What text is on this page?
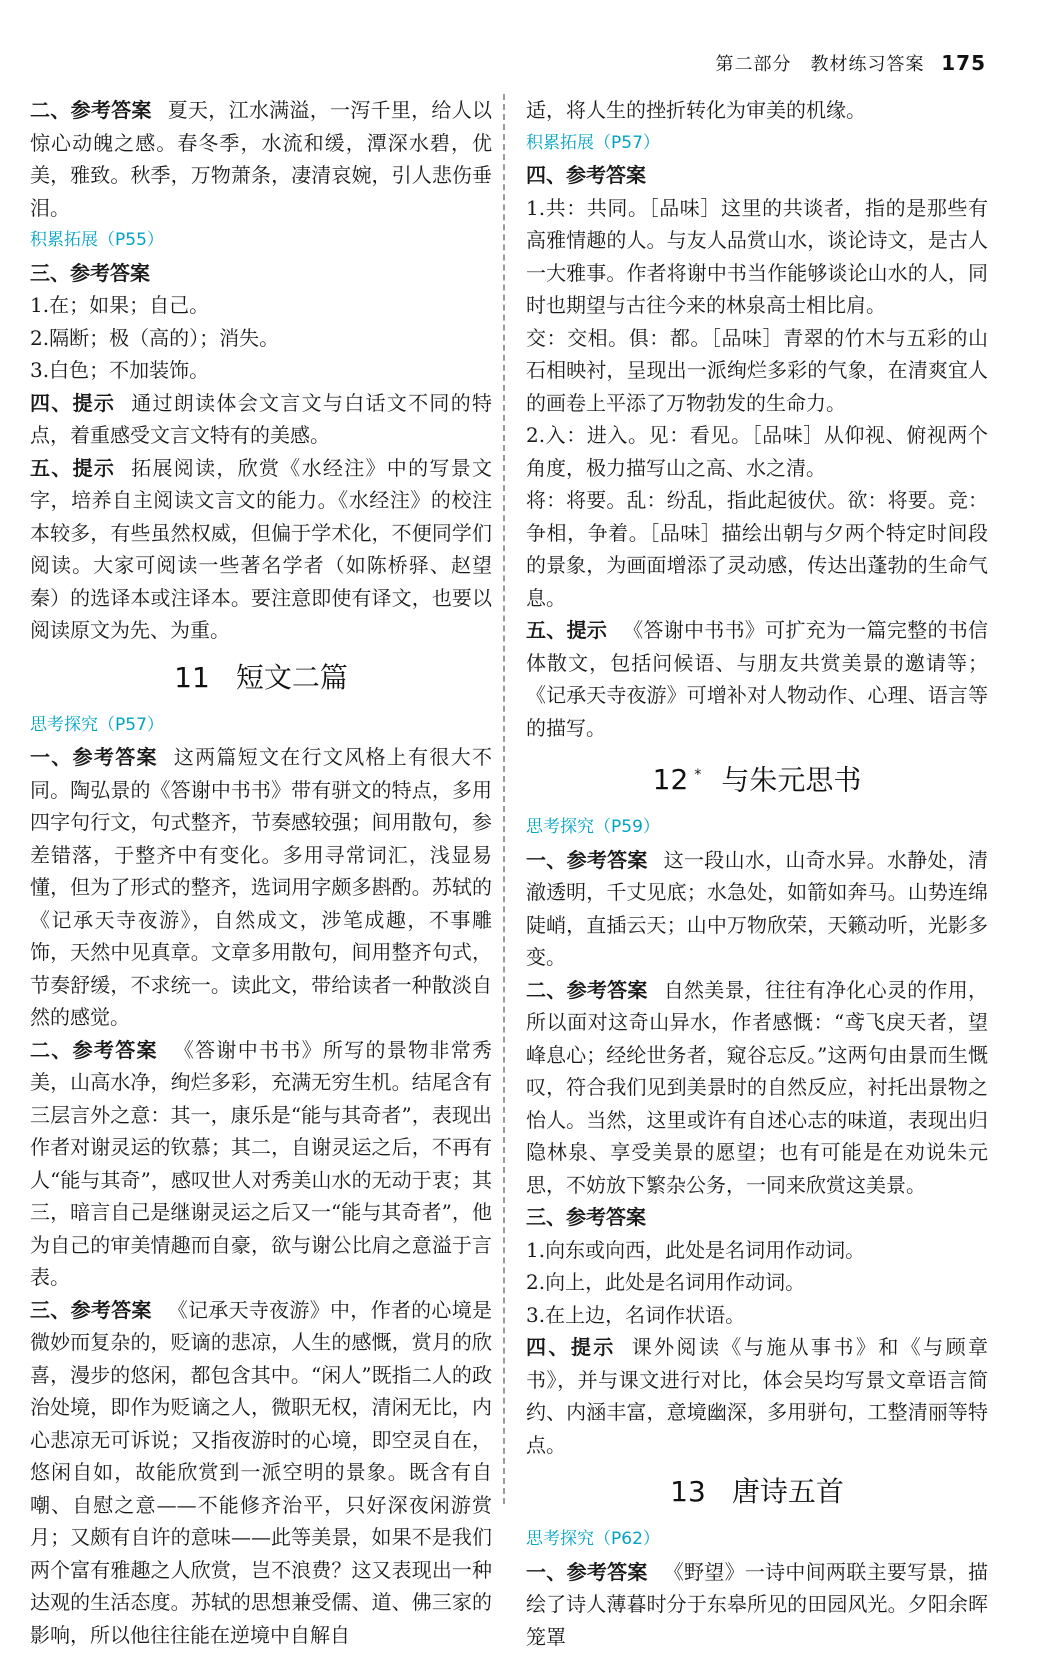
第二部分　教材练习答案 175

二、参考答案 夏天，江水满溢，一泻千里，给人以惊心动魄之感。春冬季，水流和缓，潭深水碧，优美，雅致。秋季，万物萧条，凄清哀婉，引人悲伤垂泪。

积累拓展（P55）

三、参考答案

1.在；如果；自己。

2.隔断；极（高的）；消失。

3.白色；不加装饰。

四、提示 通过朗读体会文言文与白话文不同的特点，着重感受文言文特有的美感。

五、提示 拓展阅读，欣赏《水经注》中的写景文字，培养自主阅读文言文的能力。《水经注》的校注本较多，有些虽然权威，但偏于学术化，不便同学们阅读。大家可阅读一些著名学者（如陈桥驿、赵望秦）的选译本或注译本。要注意即使有译文，也要以阅读原文为先、为重。

11 短文二篇

思考探究（P57）

一、参考答案 这两篇短文在行文风格上有很大不同。陶弘景的《答谢中书书》带有骈文的特点，多用四字句行文，句式整齐，节奏感较强；间用散句，参差错落，于整齐中有变化。多用寻常词汇，浅显易懂，但为了形式的整齐，选词用字颇多斟酌。苏轼的《记承天寺夜游》，自然成文，涉笔成趣，不事雕饰，天然中见真章。文章多用散句，间用整齐句式，节奏舒缓，不求统一。读此文，带给读者一种散淡自然的感觉。

二、参考答案 《答谢中书书》所写的景物非常秀美，山高水净，绚烂多彩，充满无穷生机。结尾含有三层言外之意：其一，康乐是“能与其奇者”，表现出作者对谢灵运的钦慕；其二，自谢灵运之后，不再有人“能与其奇”，感叹世人对秀美山水的无动于衷；其三，暗言自己是继谢灵运之后又一“能与其奇者”，他为自己的审美情趣而自豪，欲与谢公比肩之意溢于言表。

三、参考答案 《记承天寺夜游》中，作者的心境是微妙而复杂的，贬谪的悲凉，人生的感慨，赏月的欣喜，漫步的悠闲，都包含其中。“闲人”既指二人的政治处境，即作为贬谪之人，微职无权，清闲无比，内心悲凉无可诉说；又指夜游时的心境，即空灵自在，悠闲自如，故能欣赏到一派空明的景象。既含有自嘲、自慰之意——不能修齐治平，只好深夜闲游赏月；又颇有自许的意味——此等美景，如果不是我们两个富有雅趣之人欣赏，岂不浪费？这又表现出一种达观的生活态度。苏轼的思想兼受儒、道、佛三家的影响，所以他往往能在逆境中自解自

适，将人生的挫折转化为审美的机缘。

积累拓展（P57）

四、参考答案

1.共：共同。［品味］这里的共谈者，指的是那些有高雅情趣的人。与友人品赏山水，谈论诗文，是古人一大雅事。作者将谢中书当作能够谈论山水的人，同时也期望与古往今来的林泉高士相比肩。

交：交相。俱：都。［品味］青翠的竹木与五彩的山石相映衬，呈现出一派绚烂多彩的气象，在清爽宜人的画卷上平添了万物勃发的生命力。

2.入：进入。见：看见。［品味］从仰视、俯视两个角度，极力描写山之高、水之清。

将：将要。乱：纷乱，指此起彼伏。欲：将要。竞：争相，争着。［品味］描绘出朝与夕两个特定时间段的景象，为画面增添了灵动感，传达出蓬勃的生命气息。

五、提示 《答谢中书书》可扩充为一篇完整的书信体散文，包括问候语、与朋友共赏美景的邀请等；《记承天寺夜游》可增补对人物动作、心理、语言等的描写。

12 * 与朱元思书

思考探究（P59）

一、参考答案 这一段山水，山奇水异。水静处，清澈透明，千丈见底；水急处，如箭如奔马。山势连绵陡峭，直插云天；山中万物欣荣，天籁动听，光影多变。

二、参考答案 自然美景，往往有净化心灵的作用，所以面对这奇山异水，作者感慨：“鸢飞戾天者，望峰息心；经纶世务者，窥谷忘反。”这两句由景而生慨叹，符合我们见到美景时的自然反应，衬托出景物之怡人。当然，这里或许有自述心志的味道，表现出归隐林泉、享受美景的愿望；也有可能是在劝说朱元思，不妨放下繁杂公务，一同来欣赏这美景。

三、参考答案

1.向东或向西，此处是名词用作动词。

2.向上，此处是名词用作动词。

3.在上边，名词作状语。

四、提示 课外阅读《与施从事书》和《与顾章书》，并与课文进行对比，体会吴均写景文章语言简约、内涵丰富，意境幽深，多用骈句，工整清丽等特点。

13 唐诗五首

思考探究（P62）

一、参考答案 《野望》一诗中间两联主要写景，描绘了诗人薄暮时分于东皋所见的田园风光。夕阳余晖笼罩
